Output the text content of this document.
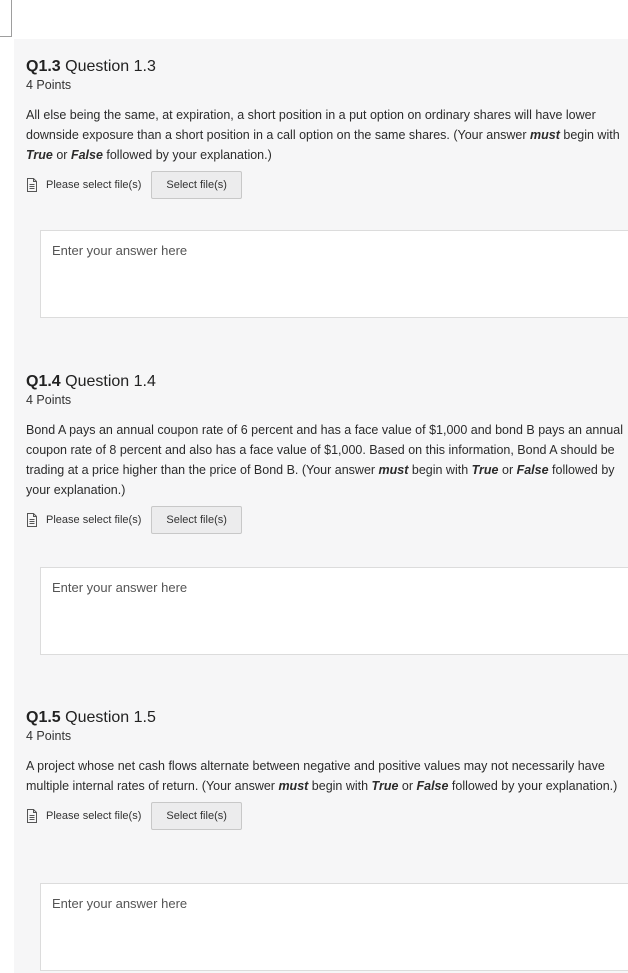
Q1.3 Question 1.3
4 Points
All else being the same, at expiration, a short position in a put option on ordinary shares will have lower downside exposure than a short position in a call option on the same shares. (Your answer must begin with True or False followed by your explanation.)
Please select file(s)	Select file(s)
Enter your answer here
Q1.4 Question 1.4
4 Points
Bond A pays an annual coupon rate of 6 percent and has a face value of $1,000 and bond B pays an annual coupon rate of 8 percent and also has a face value of $1,000. Based on this information, Bond A should be trading at a price higher than the price of Bond B. (Your answer must begin with True or False followed by your explanation.)
Please select file(s)	Select file(s)
Enter your answer here
Q1.5 Question 1.5
4 Points
A project whose net cash flows alternate between negative and positive values may not necessarily have multiple internal rates of return. (Your answer must begin with True or False followed by your explanation.)
Please select file(s)	Select file(s)
Enter your answer here
